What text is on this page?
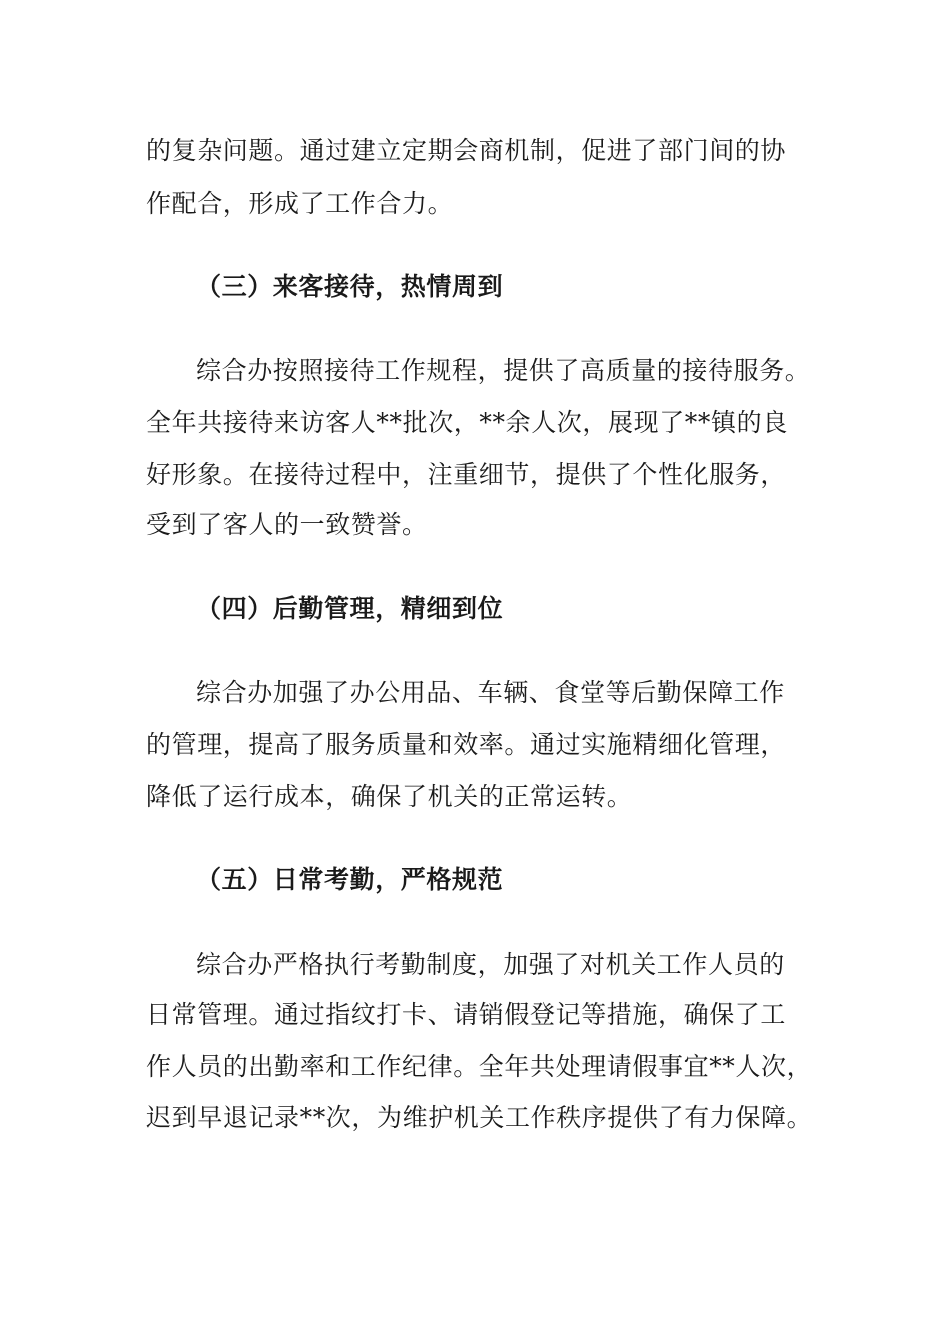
的复杂问题。通过建立定期会商机制，促进了部门间的协
作配合，形成了工作合力。
（三）来客接待，热情周到
综合办按照接待工作规程，提供了高质量的接待服务。
全年共接待来访客人**批次，**余人次，展现了**镇的良
好形象。在接待过程中，注重细节，提供了个性化服务，
受到了客人的一致赞誉。
（四）后勤管理，精细到位
综合办加强了办公用品、车辆、食堂等后勤保障工作
的管理，提高了服务质量和效率。通过实施精细化管理，
降低了运行成本，确保了机关的正常运转。
（五）日常考勤，严格规范
综合办严格执行考勤制度，加强了对机关工作人员的
日常管理。通过指纹打卡、请销假登记等措施，确保了工
作人员的出勤率和工作纪律。全年共处理请假事宜**人次，
迟到早退记录**次，为维护机关工作秩序提供了有力保障。
